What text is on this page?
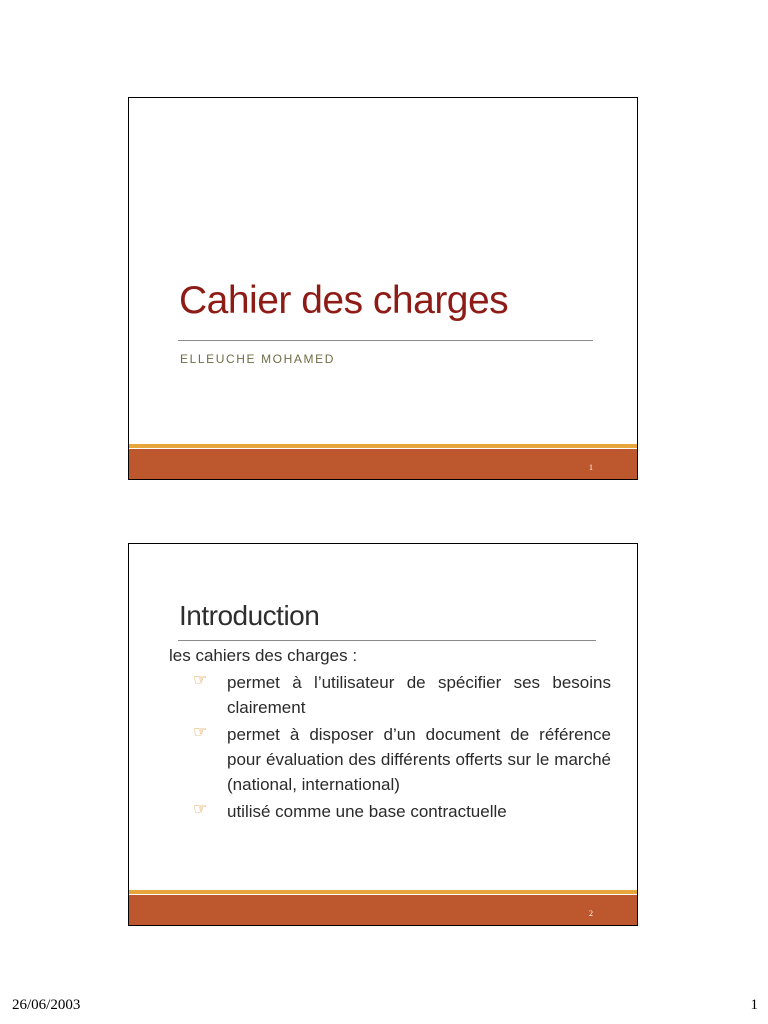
Cahier des charges
ELLEUCHE MOHAMED
1
Introduction
les cahiers des charges :
☞	permet à l’utilisateur de spécifier ses besoins clairement
☞	permet à disposer d’un document de référence pour évaluation des différents offerts sur le marché (national, international)
☞	utilisé comme une base contractuelle
2
26/06/2003	1
